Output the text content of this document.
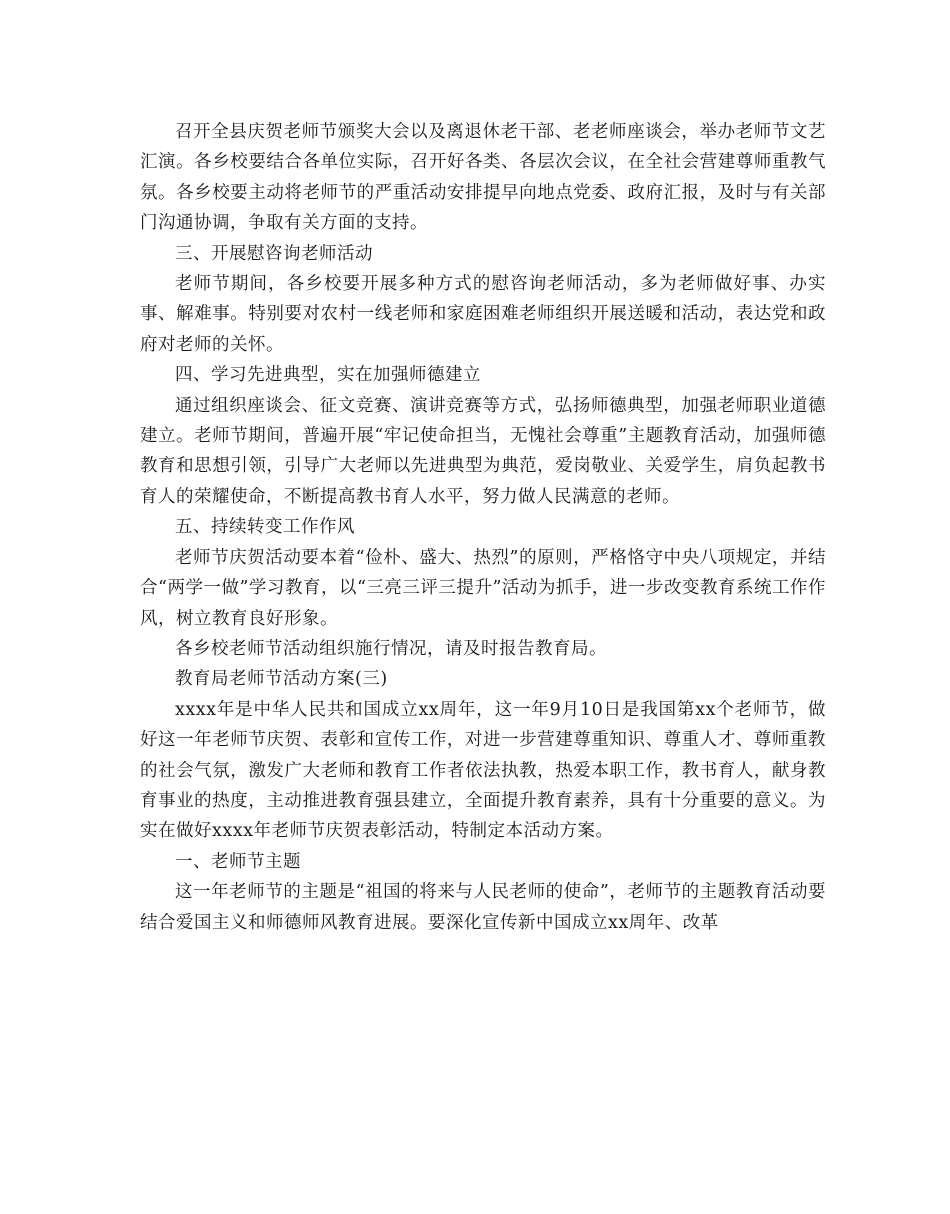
召开全县庆贺老师节颁奖大会以及离退休老干部、老老师座谈会，举办老师节文艺汇演。各乡校要结合各单位实际，召开好各类、各层次会议，在全社会营建尊师重教气氛。各乡校要主动将老师节的严重活动安排提早向地点党委、政府汇报，及时与有关部门沟通协调，争取有关方面的支持。

三、开展慰咨询老师活动

老师节期间，各乡校要开展多种方式的慰咨询老师活动，多为老师做好事、办实事、解难事。特别要对农村一线老师和家庭困难老师组织开展送暖和活动，表达党和政府对老师的关怀。

四、学习先进典型，实在加强师德建立

通过组织座谈会、征文竞赛、演讲竞赛等方式，弘扬师德典型，加强老师职业道德建立。老师节期间，普遍开展“牢记使命担当，无愧社会尊重”主题教育活动，加强师德教育和思想引领，引导广大老师以先进典型为典范，爱岗敬业、关爱学生，肩负起教书育人的荣耀使命，不断提高教书育人水平，努力做人民满意的老师。

五、持续转变工作作风

老师节庆贺活动要本着“俭朴、盛大、热烈”的原则，严格恪守中央八项规定，并结合“两学一做”学习教育，以“三亮三评三提升”活动为抓手，进一步改变教育系统工作作风，树立教育良好形象。

各乡校老师节活动组织施行情况，请及时报告教育局。

教育局老师节活动方案(三)

xxxx年是中华人民共和国成立xx周年，这一年9月10日是我国第xx个老师节，做好这一年老师节庆贺、表彰和宣传工作，对进一步营建尊重知识、尊重人才、尊师重教的社会气氛，激发广大老师和教育工作者依法执教，热爱本职工作，教书育人，献身教育事业的热度，主动推进教育强县建立，全面提升教育素养，具有十分重要的意义。为实在做好xxxx年老师节庆贺表彰活动，特制定本活动方案。

一、老师节主题

这一年老师节的主题是“祖国的将来与人民老师的使命”，老师节的主题教育活动要结合爱国主义和师德师风教育进展。要深化宣传新中国成立xx周年、改革
